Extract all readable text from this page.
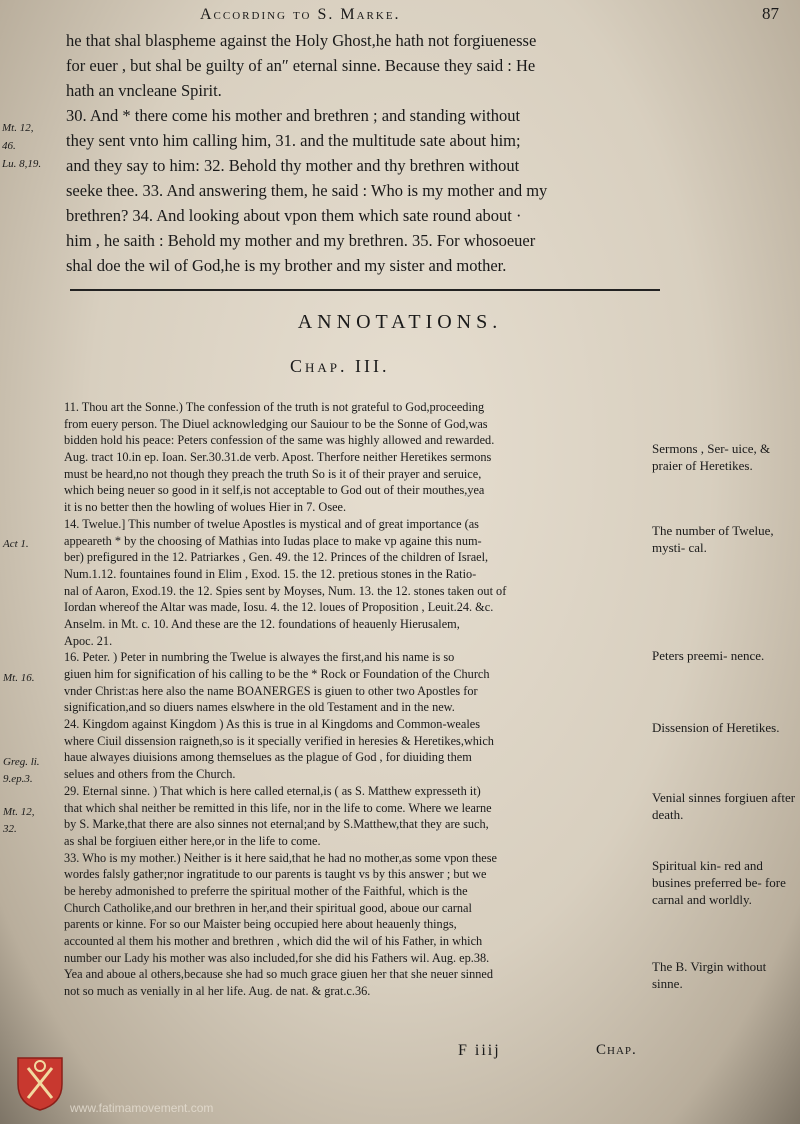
According to S. Marke.	87
he that shal blaspheme against the Holy Ghost,he hath not forgiuenesse
for euer , but shal be guilty of an″ eternal sinne. Because they said : He
hath an vncleane Spirit.
30. And * there come his mother and brethren ; and standing without
they sent vnto him calling him, 31. and the multitude sate about him;
and they say to him: 32. Behold thy mother and thy brethren without
seeke thee. 33. And answering them, he said : Who is my mother and my
brethren? 34. And looking about vpon them which sate round about ·
him , he saith : Behold my mother and my brethren. 35. For whosoeuer
shal doe the wil of God,he is my brother and my sister and mother.
Mt. 12,
46.
Lu. 8,19.
ANNOTATIONS.
Chap. III.
11. Thou art the Sonne.) The confession of the truth is not grateful to God,proceeding
from euery person. The Diuel acknowledging our Sauiour to be the Sonne of God,was
bidden hold his peace: Peters confession of the same was highly allowed and rewarded.
Aug. tract 10.in ep. Ioan. Ser.30.31.de verb. Apost. Therfore neither Heretikes sermons
must be heard,no not though they preach the truth So is it of their prayer and seruice,
which being neuer so good in it self,is not acceptable to God out of their mouthes,yea
it is no better then the howling of wolues Hier in 7. Osee.
14. Twelue.] This number of twelue Apostles is mystical and of great importance (as
appeareth * by the choosing of Mathias into Iudas place to make vp againe this num-
ber) prefigured in the 12. Patriarkes , Gen. 49. the 12. Princes of the children of Israel,
Num.1.12. fountaines found in Elim , Exod. 15. the 12. pretious stones in the Ratio-
nal of Aaron, Exod.19. the 12. Spies sent by Moyses, Num. 13. the 12. stones taken out of
Iordan whereof the Altar was made, Iosu. 4. the 12. loues of Proposition , Leuit.24. &c.
Anselm. in Mt. c. 10. And these are the 12. foundations of heauenly Hierusalem,
Apoc. 21.
16. Peter. ) Peter in numbring the Twelue is alwayes the first,and his name is so
giuen him for signification of his calling to be the * Rock or Foundation of the Church
vnder Christ:as here also the name BOANERGES is giuen to other two Apostles for
signification,and so diuers names elswhere in the old Testament and in the new.
24. Kingdom against Kingdom ) As this is true in al Kingdoms and Common-weales
where Ciuil dissension raigneth,so is it specially verified in heresies & Heretikes,which
haue alwayes diuisions among themselues as the plague of God , for diuiding them
selues and others from the Church.
29. Eternal sinne. ) That which is here called eternal,is ( as S. Matthew expresseth it)
that which shal neither be remitted in this life, nor in the life to come. Where we learne
by S. Marke,that there are also sinnes not eternal;and by S.Matthew,that they are such,
as shal be forgiuen either here,or in the life to come.
33. Who is my mother.) Neither is it here said,that he had no mother,as some vpon these
wordes falsly gather;nor ingratitude to our parents is taught vs by this answer ; but we
be hereby admonished to preferre the spiritual mother of the Faithful, which is the
Church Catholike,and our brethren in her,and their spiritual good, aboue our carnal
parents or kinne. For so our Maister being occupied here about heauenly things,
accounted al them his mother and brethren , which did the wil of his Father, in which
number our Lady his mother was also included,for she did his Fathers wil. Aug. ep.38.
Yea and aboue al others,because she had so much grace giuen her that she neuer sinned
not so much as venially in al her life. Aug. de nat. & grat.c.36.
Act 1.
Mt. 16.
Greg. li.
9.ep.3.
Mt. 12,
32.
Sermons , Ser- uice, & praier of Heretikes.
The number of Twelue, mysti- cal.
Peters preemi- nence.
Dissension of Heretikes.
Venial sinnes forgiuen after death.
Spiritual kin- red and busines preferred be- fore carnal and worldly.
The B. Virgin without sinne.
F iiij	Chap.
www.fatimamovement.com
